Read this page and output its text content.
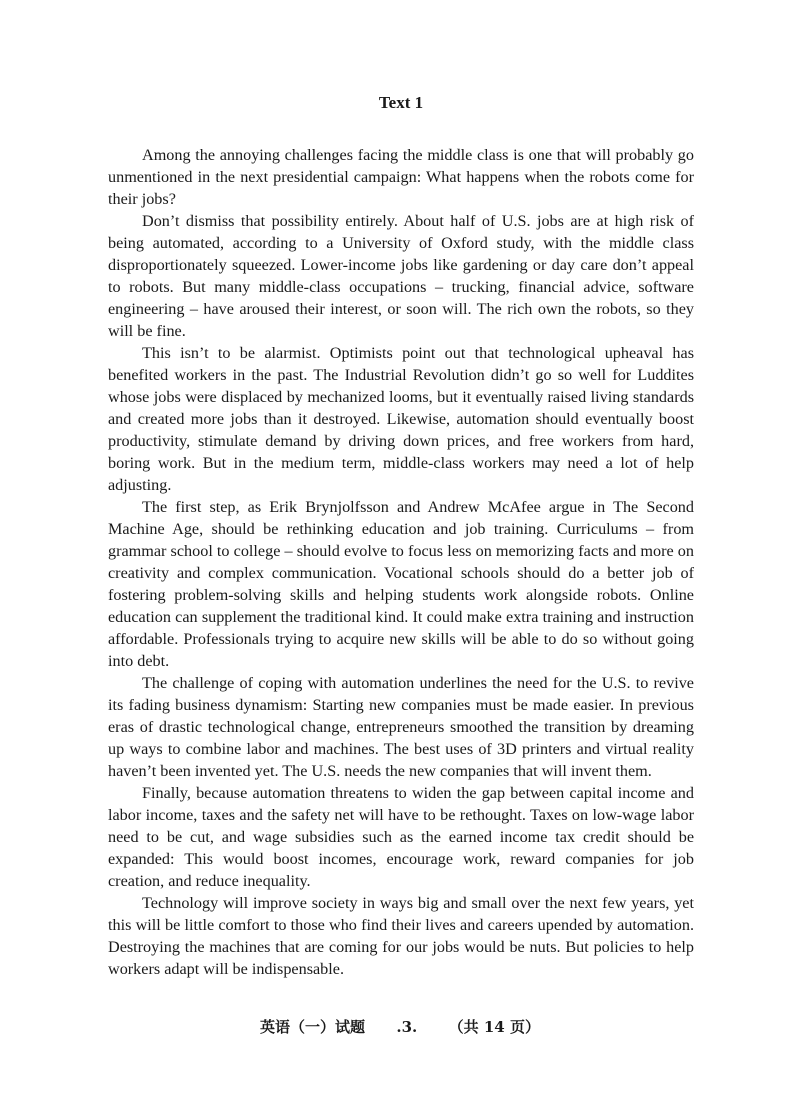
Text 1

Among the annoying challenges facing the middle class is one that will probably go unmentioned in the next presidential campaign: What happens when the robots come for their jobs?

Don’t dismiss that possibility entirely. About half of U.S. jobs are at high risk of being automated, according to a University of Oxford study, with the middle class disproportionately squeezed. Lower-income jobs like gardening or day care don’t appeal to robots. But many middle-class occupations – trucking, financial advice, software engineering – have aroused their interest, or soon will. The rich own the robots, so they will be fine.

This isn’t to be alarmist. Optimists point out that technological upheaval has benefited workers in the past. The Industrial Revolution didn’t go so well for Luddites whose jobs were displaced by mechanized looms, but it eventually raised living standards and created more jobs than it destroyed. Likewise, automation should eventually boost productivity, stimulate demand by driving down prices, and free workers from hard, boring work. But in the medium term, middle-class workers may need a lot of help adjusting.

The first step, as Erik Brynjolfsson and Andrew McAfee argue in The Second Machine Age, should be rethinking education and job training. Curriculums – from grammar school to college – should evolve to focus less on memorizing facts and more on creativity and complex communication. Vocational schools should do a better job of fostering problem-solving skills and helping students work alongside robots. Online education can supplement the traditional kind. It could make extra training and instruction affordable. Professionals trying to acquire new skills will be able to do so without going into debt.

The challenge of coping with automation underlines the need for the U.S. to revive its fading business dynamism: Starting new companies must be made easier. In previous eras of drastic technological change, entrepreneurs smoothed the transition by dreaming up ways to combine labor and machines. The best uses of 3D printers and virtual reality haven’t been invented yet. The U.S. needs the new companies that will invent them.

Finally, because automation threatens to widen the gap between capital income and labor income, taxes and the safety net will have to be rethought. Taxes on low-wage labor need to be cut, and wage subsidies such as the earned income tax credit should be expanded: This would boost incomes, encourage work, reward companies for job creation, and reduce inequality.

Technology will improve society in ways big and small over the next few years, yet this will be little comfort to those who find their lives and careers upended by automation. Destroying the machines that are coming for our jobs would be nuts. But policies to help workers adapt will be indispensable.

英语（一）试题 .3. （共 14 页）
